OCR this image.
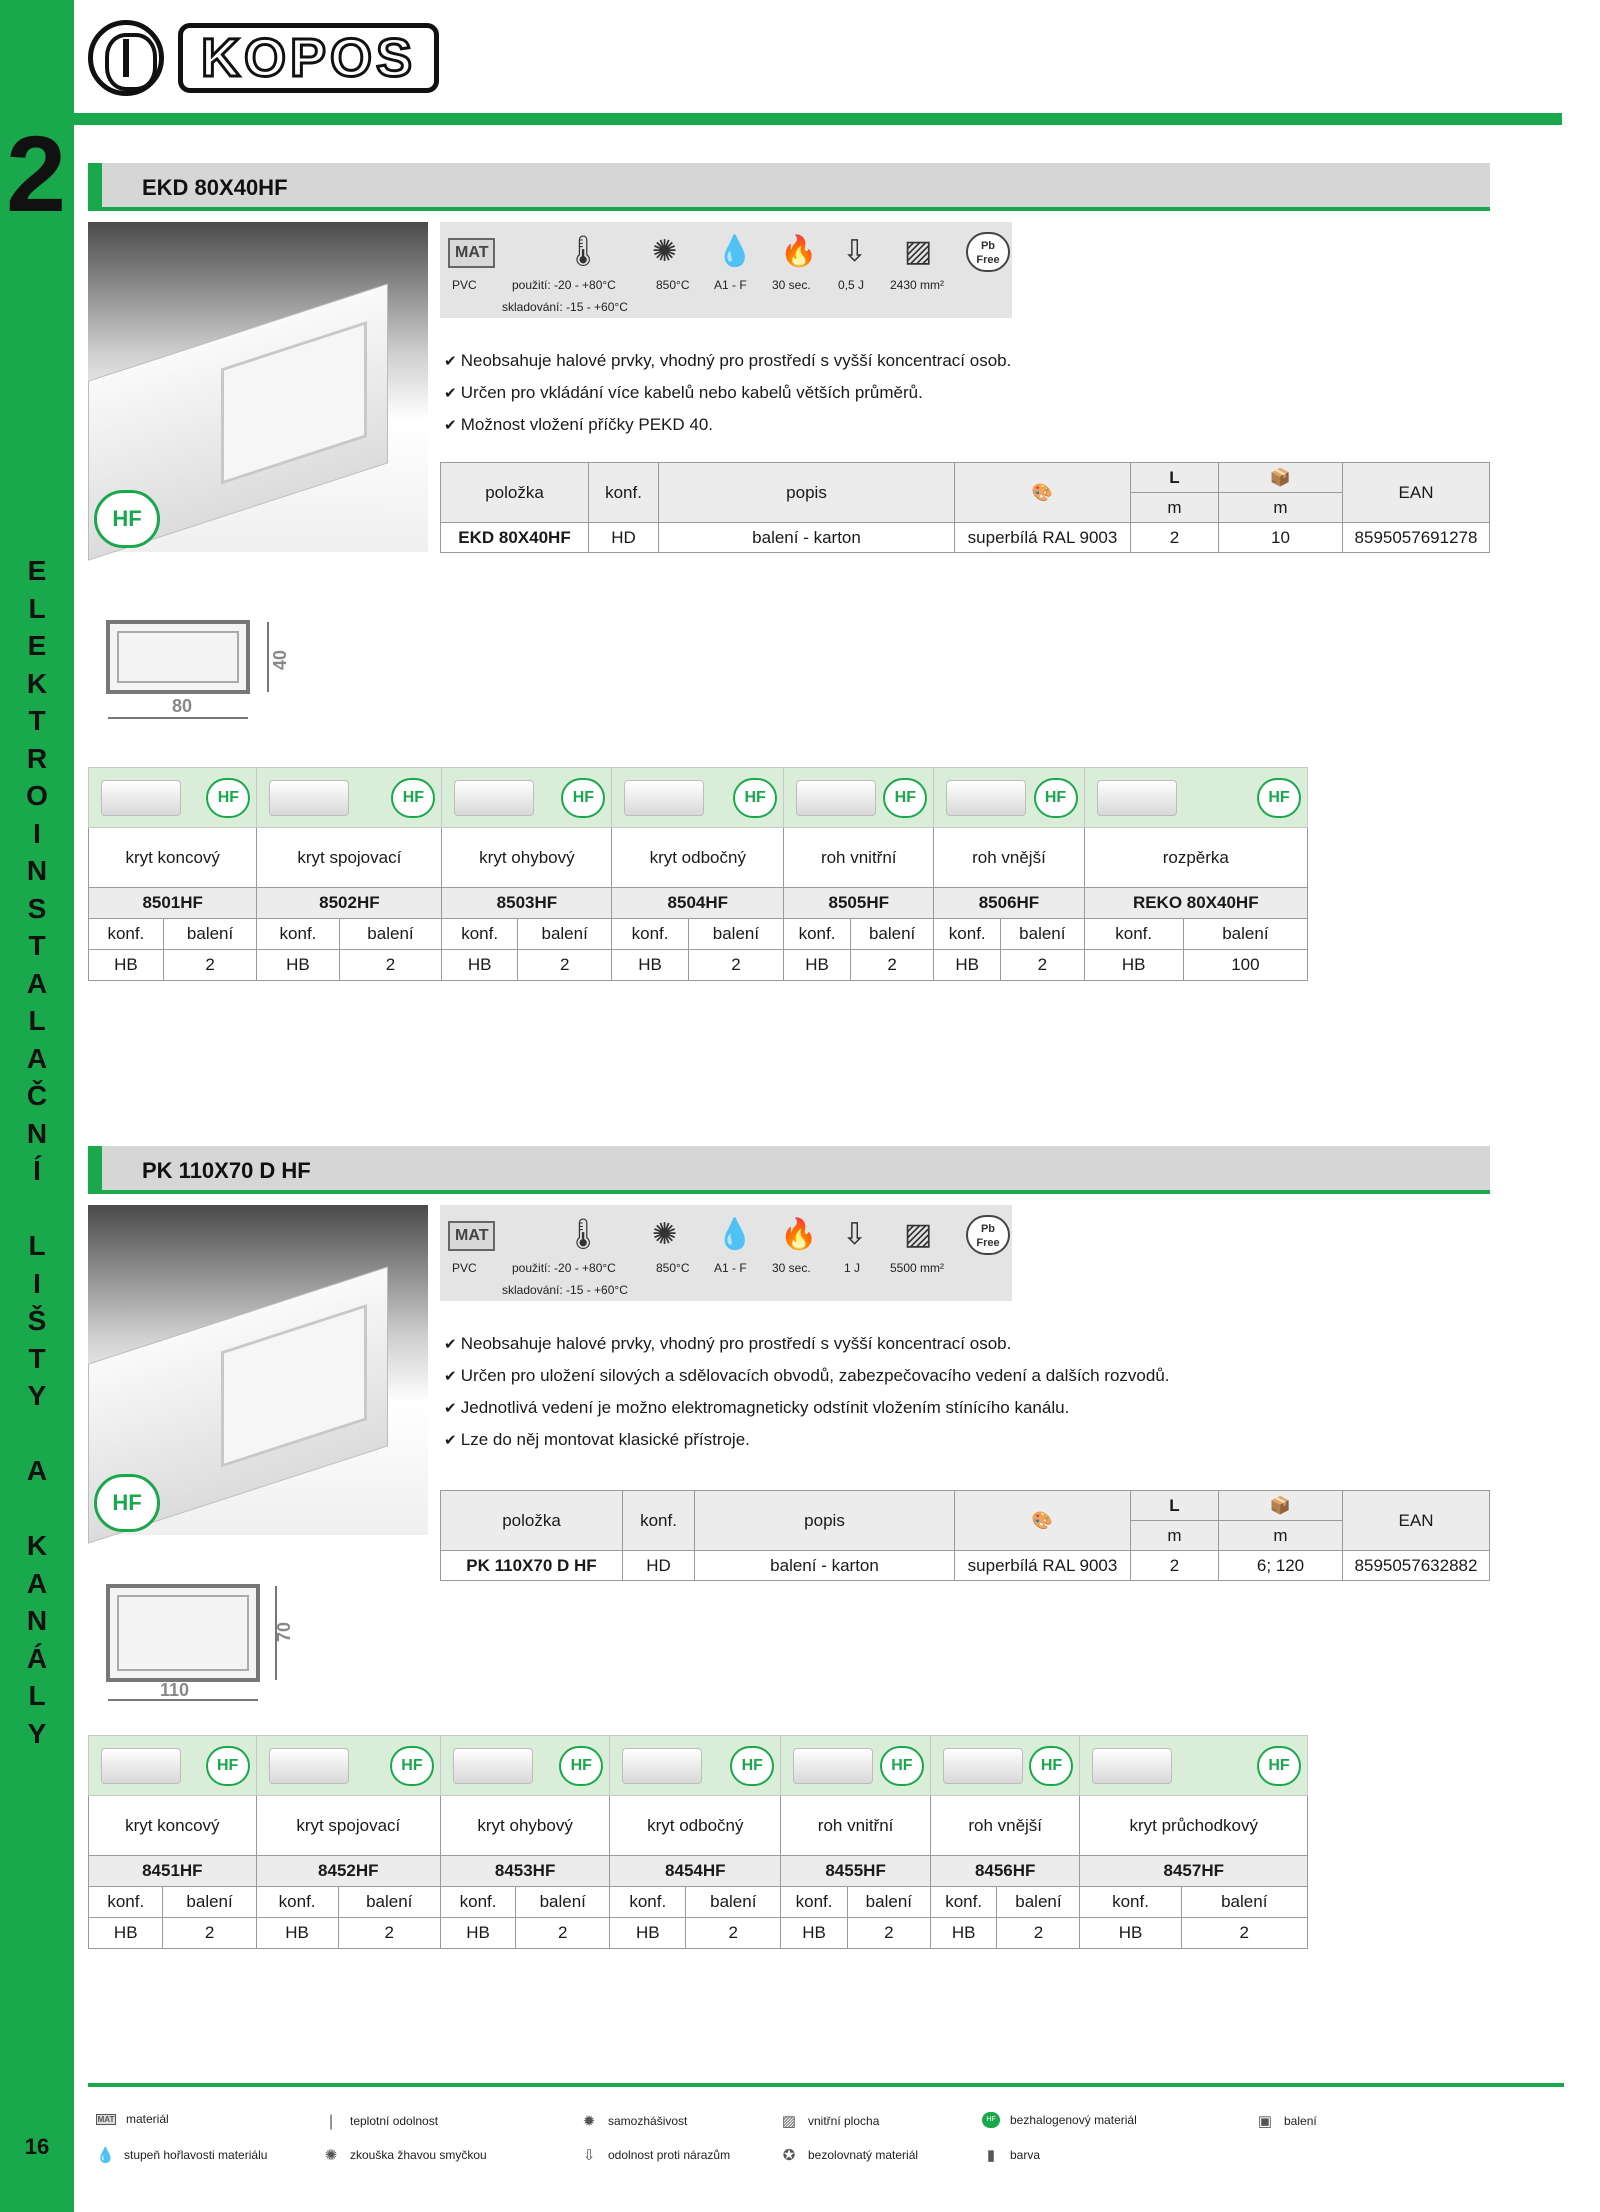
2
E
L
E
K
T
R
O
I
N
S
T
A
L
A
Č
N
Í
L
I
Š
T
Y
A
K
A
N
Á
L
Y
16
KOPOS
EKD 80X40HF
HF
MAT	🌡 ✺ 💧 🔥 ⇩ ▨	Pb
Free
PVC	použití: -20 - +80°C	850°C A1 - F 30 sec. 0,5 J 2430 mm²
skladování: -15 - +60°C
✔ Neobsahuje halové prvky, vhodný pro prostředí s vyšší koncentrací osob.
✔ Určen pro vkládání více kabelů nebo kabelů větších průměrů.
✔ Možnost vložení příčky PEKD 40.
položka	konf.	popis	🎨	L	📦	EAN
				m	m	
EKD 80X40HF	HD	balení - karton	superbílá RAL 9003	2	10	8595057691278
80
40
HF		HF		HF		HF		HF		HF		HF	

kryt koncový		kryt spojovací		kryt ohybový		kryt odbočný		roh vnitřní		roh vnější		rozpěrka	
8501HF		8502HF		8503HF		8504HF		8505HF		8506HF		REKO 80X40HF	
konf.	balení	konf.	balení	konf.	balení	konf.	balení	konf.	balení	konf.	balení	konf.	balení
HB	2	HB	2	HB	2	HB	2	HB	2	HB	2	HB	100
PK 110X70 D HF
HF
MAT	🌡 ✺ 💧 🔥 ⇩ ▨	Pb
Free
PVC	použití: -20 - +80°C	850°C A1 - F 30 sec.	1 J 5500 mm²
skladování: -15 - +60°C
✔ Neobsahuje halové prvky, vhodný pro prostředí s vyšší koncentrací osob.
✔ Určen pro uložení silových a sdělovacích obvodů, zabezpečovacího vedení a dalších rozvodů.
✔ Jednotlivá vedení je možno elektromagneticky odstínit vložením stínícího kanálu.
✔ Lze do něj montovat klasické přístroje.
položka	konf.	popis	🎨	L	📦	EAN
				m	m	
PK 110X70 D HF	HD	balení - karton	superbílá RAL 9003	2	6; 120	8595057632882
110
70
HF		HF		HF		HF		HF		HF		HF	

kryt koncový		kryt spojovací		kryt ohybový		kryt odbočný		roh vnitřní		roh vnější		kryt průchodkový	
8451HF		8452HF		8453HF		8454HF		8455HF		8456HF		8457HF	
konf.	balení	konf.	balení	konf.	balení	konf.	balení	konf.	balení	konf.	balení	konf.	balení
HB	2	HB	2	HB	2	HB	2	HB	2	HB	2	HB	2
MAT materiál	❘ teplotní odolnost	✹ samozhášivost	▨ vnitřní plocha	HF	bezhalogenový materiál	▣ balení
💧 stupeň hořlavosti materiálu	✺ zkouška žhavou smyčkou	⇩ odolnost proti nárazům	✪ bezolovnatý materiál	▮	barva
